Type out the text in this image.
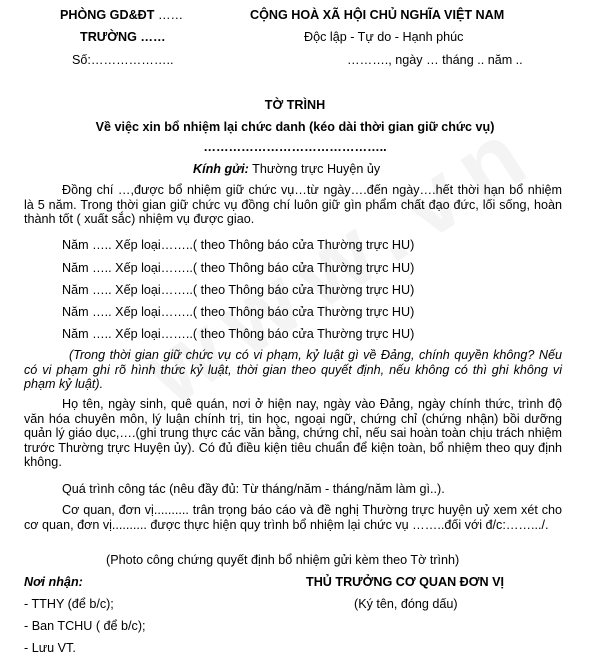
PHÒNG GD&ĐT ……
TRƯỜNG ……
Số:………………..
CỘNG HOÀ XÃ HỘI CHỦ NGHĨA VIỆT NAM
Độc lập - Tự do - Hạnh phúc
………., ngày … tháng .. năm ..
TỜ TRÌNH
Về việc xin bổ nhiệm lại chức danh (kéo dài thời gian giữ chức vụ)
……………………………………..
Kính gửi: Thường trực Huyện ủy
Đồng chí …,được bổ nhiệm giữ chức vụ…từ ngày….đến ngày….hết thời hạn bổ nhiệm là 5 năm. Trong thời gian giữ chức vụ đồng chí luôn giữ gìn phẩm chất đạo đức, lối sống, hoàn thành tốt ( xuất sắc) nhiệm vụ được giao.
Năm ….. Xếp loại……..( theo Thông báo cửa Thường trực HU)
Năm ….. Xếp loại……..( theo Thông báo cửa Thường trực HU)
Năm ….. Xếp loại……..( theo Thông báo cửa Thường trực HU)
Năm ….. Xếp loại……..( theo Thông báo cửa Thường trực HU)
Năm ….. Xếp loại……..( theo Thông báo cửa Thường trực HU)
(Trong thời gian giữ chức vụ có vi phạm, kỷ luật gì về Đảng, chính quyền không? Nếu có vi phạm ghi rõ hình thức kỷ luật, thời gian theo quyết định, nếu không có thì ghi không vi phạm kỷ luật).
Họ tên, ngày sinh, quê quán, nơi ở hiện nay, ngày vào Đảng, ngày chính thức, trình độ văn hóa chuyên môn, lý luận chính trị, tin học, ngoại ngữ, chứng chỉ (chứng nhận) bồi dưỡng quản lý giáo dục,….(ghi trung thực các văn bằng, chứng chỉ, nếu sai hoàn toàn chịu trách nhiệm trước Thường trực Huyện ủy). Có đủ điều kiện tiêu chuẩn để kiện toàn, bổ nhiệm theo quy định không.
Quá trình công tác (nêu đầy đủ: Từ tháng/năm - tháng/năm làm gì..).
Cơ quan, đơn vị.......... trân trọng báo cáo và đề nghị Thường trực huyện uỷ xem xét cho cơ quan, đơn vị.......... được thực hiện quy trình bổ nhiệm lại chức vụ ……..đối với đ/c:…….../.
(Photo công chứng quyết định bổ nhiệm gửi kèm theo Tờ trình)
Nơi nhận:
- TTHY (để b/c);
- Ban TCHU ( để b/c);
- Lưu VT.
THỦ TRƯỞNG CƠ QUAN ĐƠN VỊ
(Ký tên, đóng dấu)
